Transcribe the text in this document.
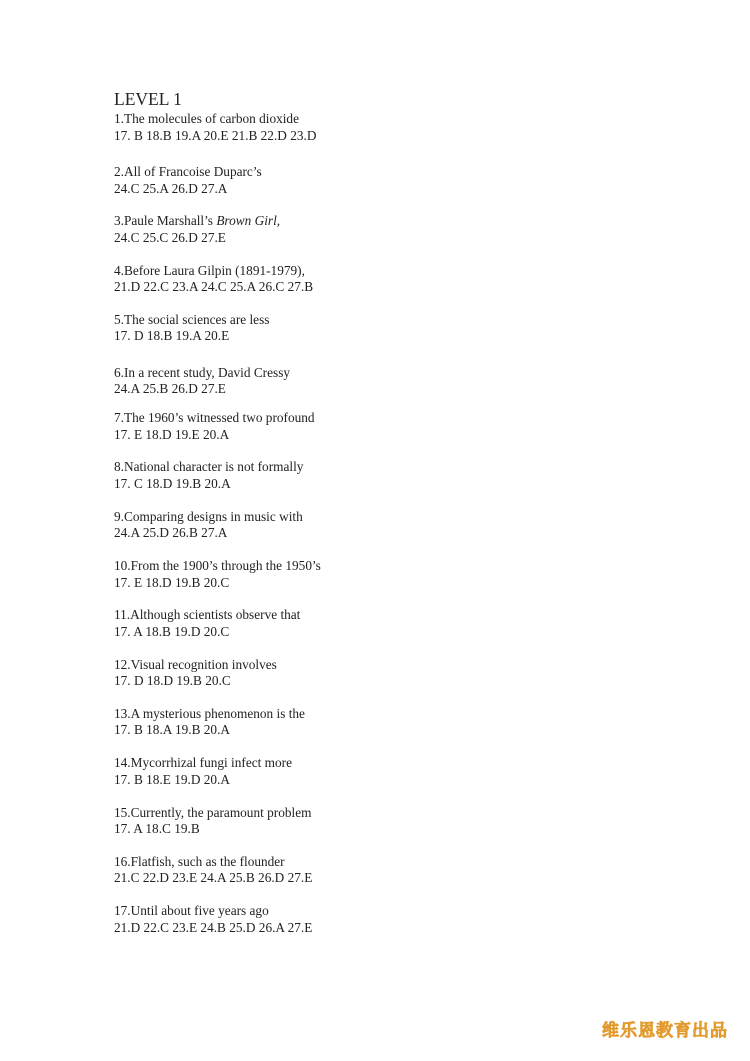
LEVEL 1
1.The molecules of carbon dioxide
17. B 18.B 19.A 20.E 21.B 22.D 23.D
2.All of Francoise Duparc’s
24.C 25.A 26.D 27.A
3.Paule Marshall’s Brown Girl,
24.C 25.C 26.D 27.E
4.Before Laura Gilpin (1891-1979),
21.D 22.C 23.A 24.C 25.A 26.C 27.B
5.The social sciences are less
17. D 18.B 19.A 20.E
6.In a recent study, David Cressy
24.A 25.B 26.D 27.E
7.The 1960’s witnessed two profound
17. E 18.D 19.E 20.A
8.National character is not formally
17. C 18.D 19.B 20.A
9.Comparing designs in music with
24.A 25.D 26.B 27.A
10.From the 1900’s through the 1950’s
17. E 18.D 19.B 20.C
11.Although scientists observe that
17. A 18.B 19.D 20.C
12.Visual recognition involves
17. D 18.D 19.B 20.C
13.A mysterious phenomenon is the
17. B 18.A 19.B 20.A
14.Mycorrhizal fungi infect more
17. B 18.E 19.D 20.A
15.Currently, the paramount problem
17. A 18.C 19.B
16.Flatfish, such as the flounder
21.C 22.D 23.E 24.A 25.B 26.D 27.E
17.Until about five years ago
21.D 22.C 23.E 24.B 25.D 26.A 27.E
维乐恩教育出品
